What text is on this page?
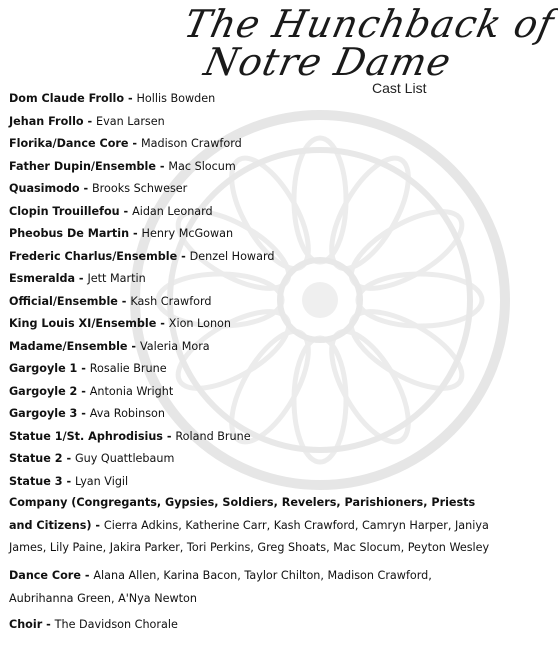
The Hunchback of
Notre Dame
Cast List
Dom Claude Frollo - Hollis Bowden
Jehan Frollo - Evan Larsen
Florika/Dance Core - Madison Crawford
Father Dupin/Ensemble - Mac Slocum
Quasimodo - Brooks Schweser
Clopin Trouillefou - Aidan Leonard
Pheobus De Martin - Henry McGowan
Frederic Charlus/Ensemble - Denzel Howard
Esmeralda - Jett Martin
Official/Ensemble - Kash Crawford
King Louis XI/Ensemble - Xion Lonon
Madame/Ensemble - Valeria Mora
Gargoyle 1 - Rosalie Brune
Gargoyle 2 - Antonia Wright
Gargoyle 3 - Ava Robinson
Statue 1/St. Aphrodisius - Roland Brune
Statue 2 - Guy Quattlebaum
Statue 3 - Lyan Vigil
Company (Congregants, Gypsies, Soldiers, Revelers, Parishioners, Priests and Citizens) - Cierra Adkins, Katherine Carr, Kash Crawford, Camryn Harper, Janiya James, Lily Paine, Jakira Parker, Tori Perkins, Greg Shoats, Mac Slocum, Peyton Wesley
Dance Core - Alana Allen, Karina Bacon, Taylor Chilton, Madison Crawford, Aubrihanna Green, A'Nya Newton
Choir - The Davidson Chorale
